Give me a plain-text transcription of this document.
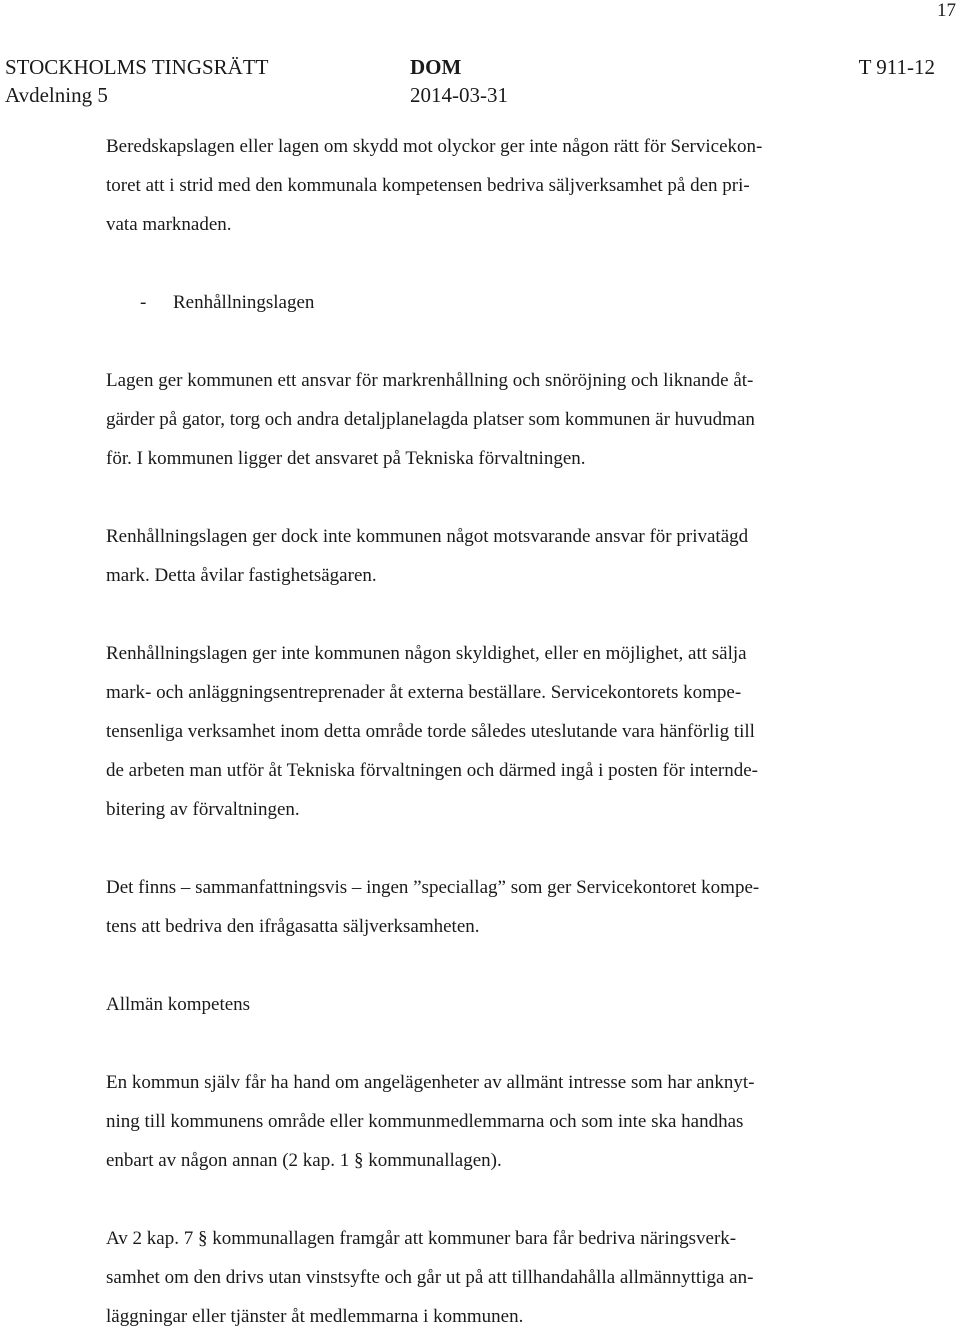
17
STOCKHOLMS TINGSRÄTT	DOM	T 911-12
Avdelning 5	2014-03-31

Beredskapslagen eller lagen om skydd mot olyckor ger inte någon rätt för Servicekon-
toret att i strid med den kommunala kompetensen bedriva säljverksamhet på den pri-
vata marknaden.

- Renhållningslagen

Lagen ger kommunen ett ansvar för markrenhållning och snöröjning och liknande åt-
gärder på gator, torg och andra detaljplanelagda platser som kommunen är huvudman
för. I kommunen ligger det ansvaret på Tekniska förvaltningen.

Renhållningslagen ger dock inte kommunen något motsvarande ansvar för privatägd
mark. Detta åvilar fastighetsägaren.

Renhållningslagen ger inte kommunen någon skyldighet, eller en möjlighet, att sälja
mark- och anläggningsentreprenader åt externa beställare. Servicekontorets kompe-
tensenliga verksamhet inom detta område torde således uteslutande vara hänförlig till
de arbeten man utför åt Tekniska förvaltningen och därmed ingå i posten för interndе-
bitering av förvaltningen.

Det finns – sammanfattningsvis – ingen ”speciallag” som ger Servicekontoret kompe-
tens att bedriva den ifrågasatta säljverksamheten.

Allmän kompetens

En kommun själv får ha hand om angelägenheter av allmänt intresse som har anknyt-
ning till kommunens område eller kommunmedlemmarna och som inte ska handhas
enbart av någon annan (2 kap. 1 § kommunallagen).

Av 2 kap. 7 § kommunallagen framgår att kommuner bara får bedriva näringsverk-
samhet om den drivs utan vinstsyfte och går ut på att tillhandahålla allmännyttiga an-
läggningar eller tjänster åt medlemmarna i kommunen.
